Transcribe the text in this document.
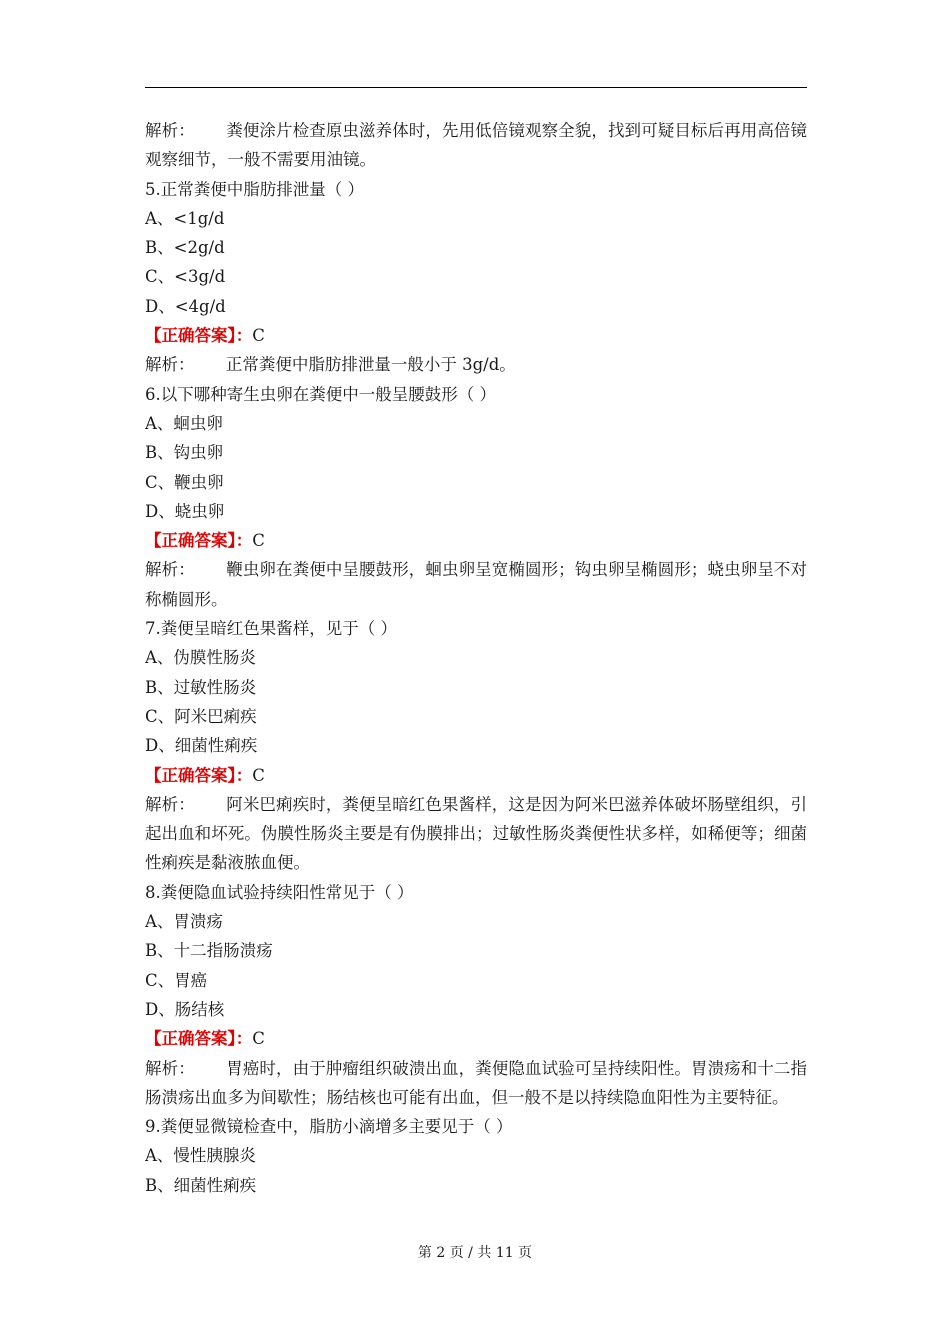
解析： 粪便涂片检查原虫滋养体时，先用低倍镜观察全貌，找到可疑目标后再用高倍镜观察细节，一般不需要用油镜。
5.正常粪便中脂肪排泄量（ ）
A、<1g/d
B、<2g/d
C、<3g/d
D、<4g/d
【正确答案】：C
解析： 正常粪便中脂肪排泄量一般小于 3g/d。
6.以下哪种寄生虫卵在粪便中一般呈腰鼓形（ ）
A、蛔虫卵
B、钩虫卵
C、鞭虫卵
D、蛲虫卵
【正确答案】：C
解析： 鞭虫卵在粪便中呈腰鼓形，蛔虫卵呈宽椭圆形；钩虫卵呈椭圆形；蛲虫卵呈不对称椭圆形。
7.粪便呈暗红色果酱样，见于（ ）
A、伪膜性肠炎
B、过敏性肠炎
C、阿米巴痢疾
D、细菌性痢疾
【正确答案】：C
解析： 阿米巴痢疾时，粪便呈暗红色果酱样，这是因为阿米巴滋养体破坏肠壁组织，引起出血和坏死。伪膜性肠炎主要是有伪膜排出；过敏性肠炎粪便性状多样，如稀便等；细菌性痢疾是黏液脓血便。
8.粪便隐血试验持续阳性常见于（ ）
A、胃溃疡
B、十二指肠溃疡
C、胃癌
D、肠结核
【正确答案】：C
解析： 胃癌时，由于肿瘤组织破溃出血，粪便隐血试验可呈持续阳性。胃溃疡和十二指肠溃疡出血多为间歇性；肠结核也可能有出血，但一般不是以持续隐血阳性为主要特征。
9.粪便显微镜检查中，脂肪小滴增多主要见于（ ）
A、慢性胰腺炎
B、细菌性痢疾
第 2 页 / 共 11 页
